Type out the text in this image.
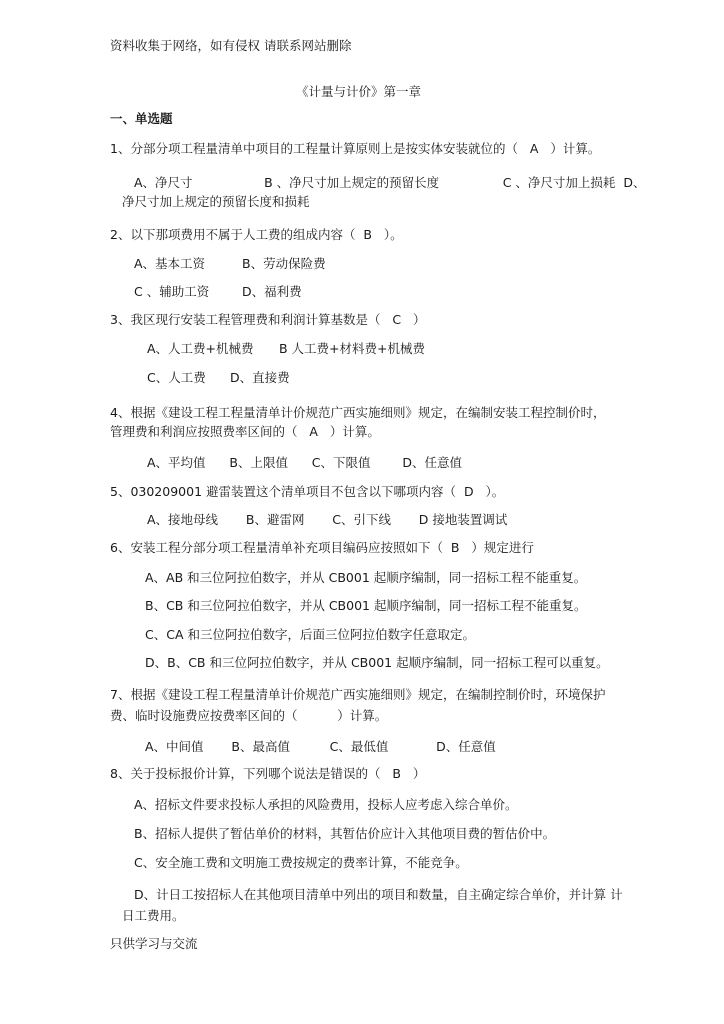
资料收集于网络，如有侵权 请联系网站删除
《计量与计价》第一章
一、单选题
1、分部分项工程量清单中项目的工程量计算原则上是按实体安装就位的（   A   ）计算。
A、净尺寸                  B 、净尺寸加上规定的预留长度                C 、净尺寸加上损耗  D、
净尺寸加上规定的预留长度和损耗
2、以下那项费用不属于人工费的组成内容（  B   ）。
A、基本工资	B、劳动保险费
C 、辅助工资	D、福利费
3、我区现行安装工程管理费和利润计算基数是（   C   ）
A、人工费+机械费 B 人工费+材料费+机械费
C、人工费 D、直接费
4、根据《建设工程工程量清单计价规范广西实施细则》规定，在编制安装工程控制价时，
管理费和利润应按照费率区间的（   A   ）计算。
A、平均值      B、上限值      C、下限值        D、任意值
5、030209001 避雷装置这个清单项目不包含以下哪项内容（  D   ）。
A、接地母线       B、避雷网       C、引下线       D 接地装置调试
6、安装工程分部分项工程量清单补充项目编码应按照如下（  B   ）规定进行
A、AB 和三位阿拉伯数字，并从 CB001 起顺序编制，同一招标工程不能重复。
B、CB 和三位阿拉伯数字，并从 CB001 起顺序编制，同一招标工程不能重复。
C、CA 和三位阿拉伯数字，后面三位阿拉伯数字任意取定。
D、B、CB 和三位阿拉伯数字，并从 CB001 起顺序编制，同一招标工程可以重复。
7、根据《建设工程工程量清单计价规范广西实施细则》规定，在编制控制价时，环境保护
费、临时设施费应按费率区间的（          ）计算。
A、中间值       B、最高值          C、最低值            D、任意值
8、关于投标报价计算，下列哪个说法是错误的（   B   ）
A、招标文件要求投标人承担的风险费用，投标人应考虑入综合单价。
B、招标人提供了暂估单价的材料，其暂估价应计入其他项目费的暂估价中。
C、安全施工费和文明施工费按规定的费率计算，不能竞争。
D、计日工按招标人在其他项目清单中列出的项目和数量，自主确定综合单价，并计算 计
日工费用。
只供学习与交流
